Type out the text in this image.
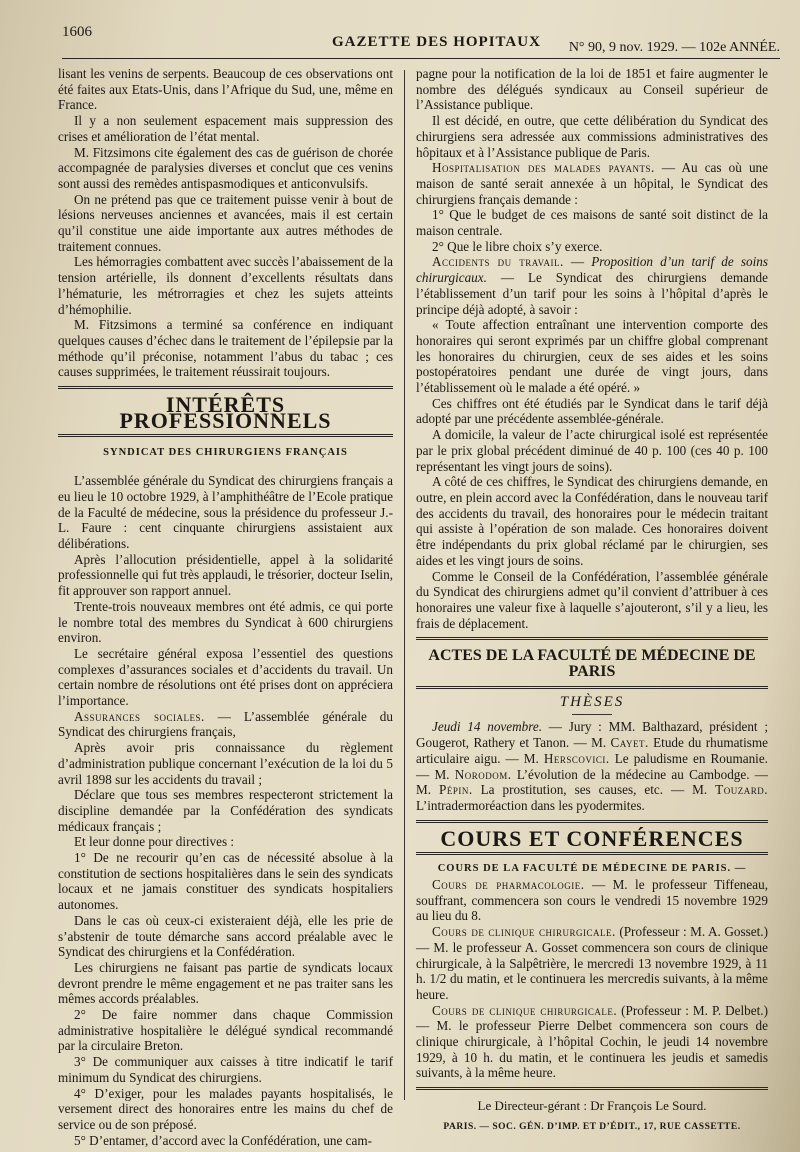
1606
GAZETTE DES HOPITAUX N° 90, 9 nov. 1929. — 102e ANNÉE.

lisant les venins de serpents. Beaucoup de ces observations ont été faites aux Etats-Unis, dans l’Afrique du Sud, une, même en France.

Il y a non seulement espacement mais suppression des crises et amélioration de l’état mental.

M. Fitzsimons cite également des cas de guérison de chorée accompagnée de paralysies diverses et conclut que ces venins sont aussi des remèdes antispasmodiques et anticonvulsifs.

On ne prétend pas que ce traitement puisse venir à bout de lésions nerveuses anciennes et avancées, mais il est certain qu’il constitue une aide importante aux autres méthodes de traitement connues.

Les hémorragies combattent avec succès l’abaissement de la tension artérielle, ils donnent d’excellents résultats dans l’hématurie, les métrorragies et chez les sujets atteints d’hémophilie.

M. Fitzsimons a terminé sa conférence en indiquant quelques causes d’échec dans le traitement de l’épilepsie par la méthode qu’il préconise, notamment l’abus du tabac ; ces causes supprimées, le traitement réussirait toujours.

INTÉRÊTS PROFESSIONNELS
SYNDICAT DES CHIRURGIENS FRANÇAIS

L’assemblée générale du Syndicat des chirurgiens français a eu lieu le 10 octobre 1929, à l’amphithéâtre de l’Ecole pratique de la Faculté de médecine, sous la présidence du professeur J.-L. Faure : cent cinquante chirurgiens assistaient aux délibérations.

Après l’allocution présidentielle, appel à la solidarité professionnelle qui fut très applaudi, le trésorier, docteur Iselin, fit approuver son rapport annuel.

Trente-trois nouveaux membres ont été admis, ce qui porte le nombre total des membres du Syndicat à 600 chirurgiens environ.

Le secrétaire général exposa l’essentiel des questions complexes d’assurances sociales et d’accidents du travail. Un certain nombre de résolutions ont été prises dont on appréciera l’importance.

Assurances sociales. — L’assemblée générale du Syndicat des chirurgiens français,

Après avoir pris connaissance du règlement d’administration publique concernant l’exécution de la loi du 5 avril 1898 sur les accidents du travail ;

Déclare que tous ses membres respecteront strictement la discipline demandée par la Confédération des syndicats médicaux français ;

Et leur donne pour directives :

1° De ne recourir qu’en cas de nécessité absolue à la constitution de sections hospitalières dans le sein des syndicats locaux et ne jamais constituer des syndicats hospitaliers autonomes.

Dans le cas où ceux-ci existeraient déjà, elle les prie de s’abstenir de toute démarche sans accord préalable avec le Syndicat des chirurgiens et la Confédération.

Les chirurgiens ne faisant pas partie de syndicats locaux devront prendre le même engagement et ne pas traiter sans les mêmes accords préalables.

2° De faire nommer dans chaque Commission administrative hospitalière le délégué syndical recommandé par la circulaire Breton.

3° De communiquer aux caisses à titre indicatif le tarif minimum du Syndicat des chirurgiens.

4° D’exiger, pour les malades payants hospitalisés, le versement direct des honoraires entre les mains du chef de service ou de son préposé.

5° D’entamer, d’accord avec la Confédération, une cam-

pagne pour la notification de la loi de 1851 et faire augmenter le nombre des délégués syndicaux au Conseil supérieur de l’Assistance publique.

Il est décidé, en outre, que cette délibération du Syndicat des chirurgiens sera adressée aux commissions administratives des hôpitaux et à l’Assistance publique de Paris.

Hospitalisation des malades payants. — Au cas où une maison de santé serait annexée à un hôpital, le Syndicat des chirurgiens français demande :

1° Que le budget de ces maisons de santé soit distinct de la maison centrale.

2° Que le libre choix s’y exerce.

Accidents du travail. — Proposition d’un tarif de soins chirurgicaux. — Le Syndicat des chirurgiens demande l’établissement d’un tarif pour les soins à l’hôpital d’après le principe déjà adopté, à savoir :

« Toute affection entraînant une intervention comporte des honoraires qui seront exprimés par un chiffre global comprenant les honoraires du chirurgien, ceux de ses aides et les soins postopératoires pendant une durée de vingt jours, dans l’établissement où le malade a été opéré. »

Ces chiffres ont été étudiés par le Syndicat dans le tarif déjà adopté par une précédente assemblée-générale.

A domicile, la valeur de l’acte chirurgical isolé est représentée par le prix global précédent diminué de 40 p. 100 (ces 40 p. 100 représentant les vingt jours de soins).

A côté de ces chiffres, le Syndicat des chirurgiens demande, en outre, en plein accord avec la Confédération, dans le nouveau tarif des accidents du travail, des honoraires pour le médecin traitant qui assiste à l’opération de son malade. Ces honoraires doivent être indépendants du prix global réclamé par le chirurgien, ses aides et les vingt jours de soins.

Comme le Conseil de la Confédération, l’assemblée générale du Syndicat des chirurgiens admet qu’il convient d’attribuer à ces honoraires une valeur fixe à laquelle s’ajouteront, s’il y a lieu, les frais de déplacement.

ACTES DE LA FACULTÉ DE MÉDECINE DE PARIS
THÈSES

Jeudi 14 novembre. — Jury : MM. Balthazard, président ; Gougerot, Rathery et Tanon. — M. Cayet. Etude du rhumatisme articulaire aigu. — M. Herscovici. Le paludisme en Roumanie. — M. Norodom. L’évolution de la médecine au Cambodge. — M. Pépin. La prostitution, ses causes, etc. — M. Touzard. L’intradermoréaction dans les pyodermites.

COURS ET CONFÉRENCES

COURS DE LA FACULTÉ DE MÉDECINE DE PARIS. —

Cours de pharmacologie. — M. le professeur Tiffeneau, souffrant, commencera son cours le vendredi 15 novembre 1929 au lieu du 8.

Cours de clinique chirurgicale. (Professeur : M. A. Gosset.) — M. le professeur A. Gosset commencera son cours de clinique chirurgicale, à la Salpêtrière, le mercredi 13 novembre 1929, à 11 h. 1/2 du matin, et le continuera les mercredis suivants, à la même heure.

Cours de clinique chirurgicale. (Professeur : M. P. Delbet.) — M. le professeur Pierre Delbet commencera son cours de clinique chirurgicale, à l’hôpital Cochin, le jeudi 14 novembre 1929, à 10 h. du matin, et le continuera les jeudis et samedis suivants, à la même heure.

Le Directeur-gérant : Dr François Le Sourd.
PARIS. — SOC. GÉN. D’IMP. ET D’ÉDIT., 17, RUE CASSETTE.
